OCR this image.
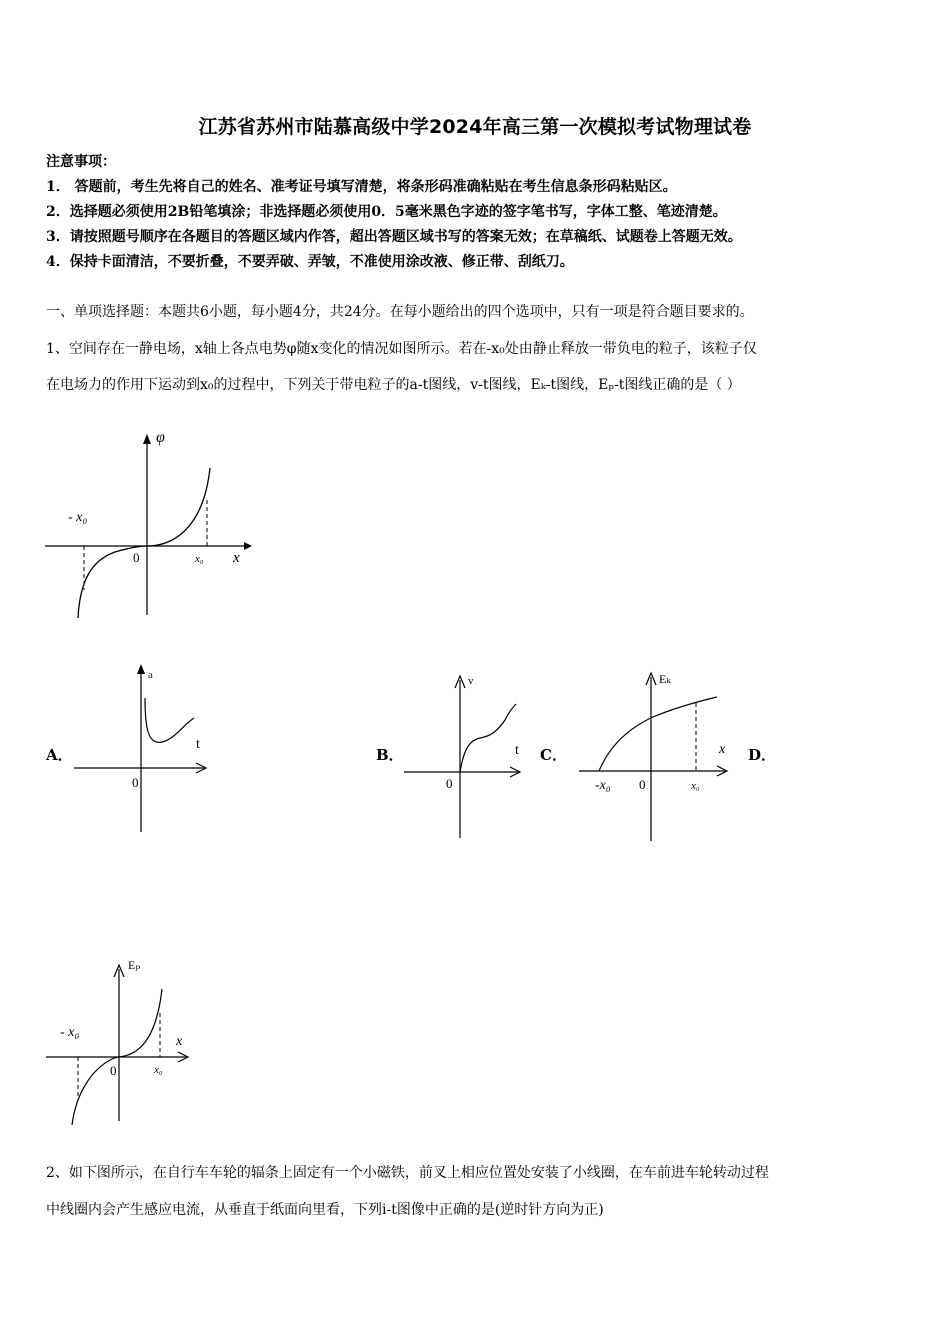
江苏省苏州市陆慕高级中学2024年高三第一次模拟考试物理试卷
注意事项：
1． 答题前，考生先将自己的姓名、准考证号填写清楚，将条形码准确粘贴在考生信息条形码粘贴区。
2．选择题必须使用2B铅笔填涂；非选择题必须使用0．5毫米黑色字迹的签字笔书写，字体工整、笔迹清楚。
3．请按照题号顺序在各题目的答题区域内作答，超出答题区域书写的答案无效；在草稿纸、试题卷上答题无效。
4．保持卡面清洁，不要折叠，不要弄破、弄皱，不准使用涂改液、修正带、刮纸刀。
一、单项选择题：本题共6小题，每小题4分，共24分。在每小题给出的四个选项中，只有一项是符合题目要求的。
1、空间存在一静电场，x轴上各点电势φ随x变化的情况如图所示。若在-x₀处由静止释放一带负电的粒子，该粒子仅
在电场力的作用下运动到x₀的过程中，下列关于带电粒子的a-t图线，v-t图线，Eₖ-t图线，Eₚ-t图线正确的是（ ）
φ
x
0
- x₀
x₀
A．
a
t
0
B．
v
t
0
C．
Eₖ
x
0
-x₀	x₀
D．
Eₚ
x
0
- x₀
x₀
2、如下图所示，在自行车车轮的辐条上固定有一个小磁铁，前叉上相应位置处安装了小线圈，在车前进车轮转动过程
中线圈内会产生感应电流，从垂直于纸面向里看，下列i-t图像中正确的是(逆时针方向为正)
